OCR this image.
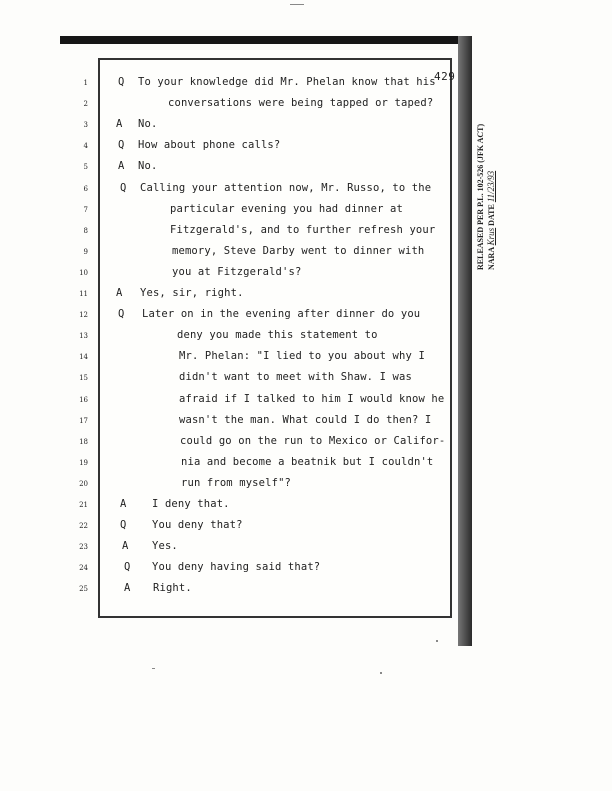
429
1	Q To your knowledge did Mr. Phelan know that his
2	conversations were being tapped or taped?
3	A No.
4	Q How about phone calls?
5	A No.
6	Q Calling your attention now, Mr. Russo, to the
7	particular evening you had dinner at
8	Fitzgerald's, and to further refresh your
9	memory, Steve Darby went to dinner with
10	you at Fitzgerald's?
11	A Yes, sir, right.
12	Q Later on in the evening after dinner do you
13	deny you made this statement to
14	Mr. Phelan: "I lied to you about why I
15	didn't want to meet with Shaw. I was
16	afraid if I talked to him I would know he
17	wasn't the man. What could I do then? I
18	could go on the run to Mexico or Califor-
19	nia and become a beatnik but I couldn't
20	run from myself"?
21	A I deny that.
22	Q You deny that?
23	A Yes.
24	Q You deny having said that?
25	A Right.
RELEASED PER P.L. 102-526 (JFK ACT) NARA Krus DATE 11/23/93
